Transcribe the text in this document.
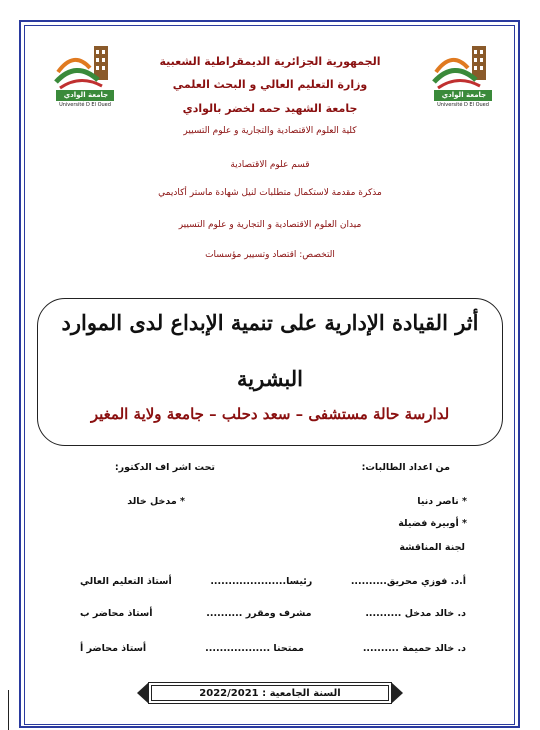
جامعة الوادي
Université D El Oued
جامعة الوادي
Université D El Oued
الجمهورية الجزائرية الديمقراطية الشعبية
وزارة التعليم العالي و البحث العلمي
جامعة الشهيد حمه لخضر بالوادي
كلية العلوم الاقتصادية والتجارية و علوم التسيير
قسم علوم الاقتصادية
مذكرة مقدمة لاستكمال متطلبات لنيل شهادة ماستر أكاديمي
ميدان العلوم الاقتصادية و التجارية و علوم التسيير
التخصص: اقتصاد وتسيير مؤسسات
أثر القيادة الإدارية على تنمية الإبداع لدى الموارد
البشرية
لدارسة حالة مستشفى – سعد دحلب – جامعة ولاية المغير
من اعداد الطالبات:
تحت اشر اف الدكتور:
* ناصر دنيا
* مدخل خالد
* أوبيرة فضيلة
لجنة المناقشة
أ.د. فوزي محريق..........
رئيسا.....................
أستاذ التعليم العالي
د. خالد مدخل ..........
مشرف ومقرر ..........
أستاذ محاضر ب
د. خالد حميمة ..........
ممتحنا ..................
أستاذ محاضر أ
السنة الجامعية : 2022/2021
